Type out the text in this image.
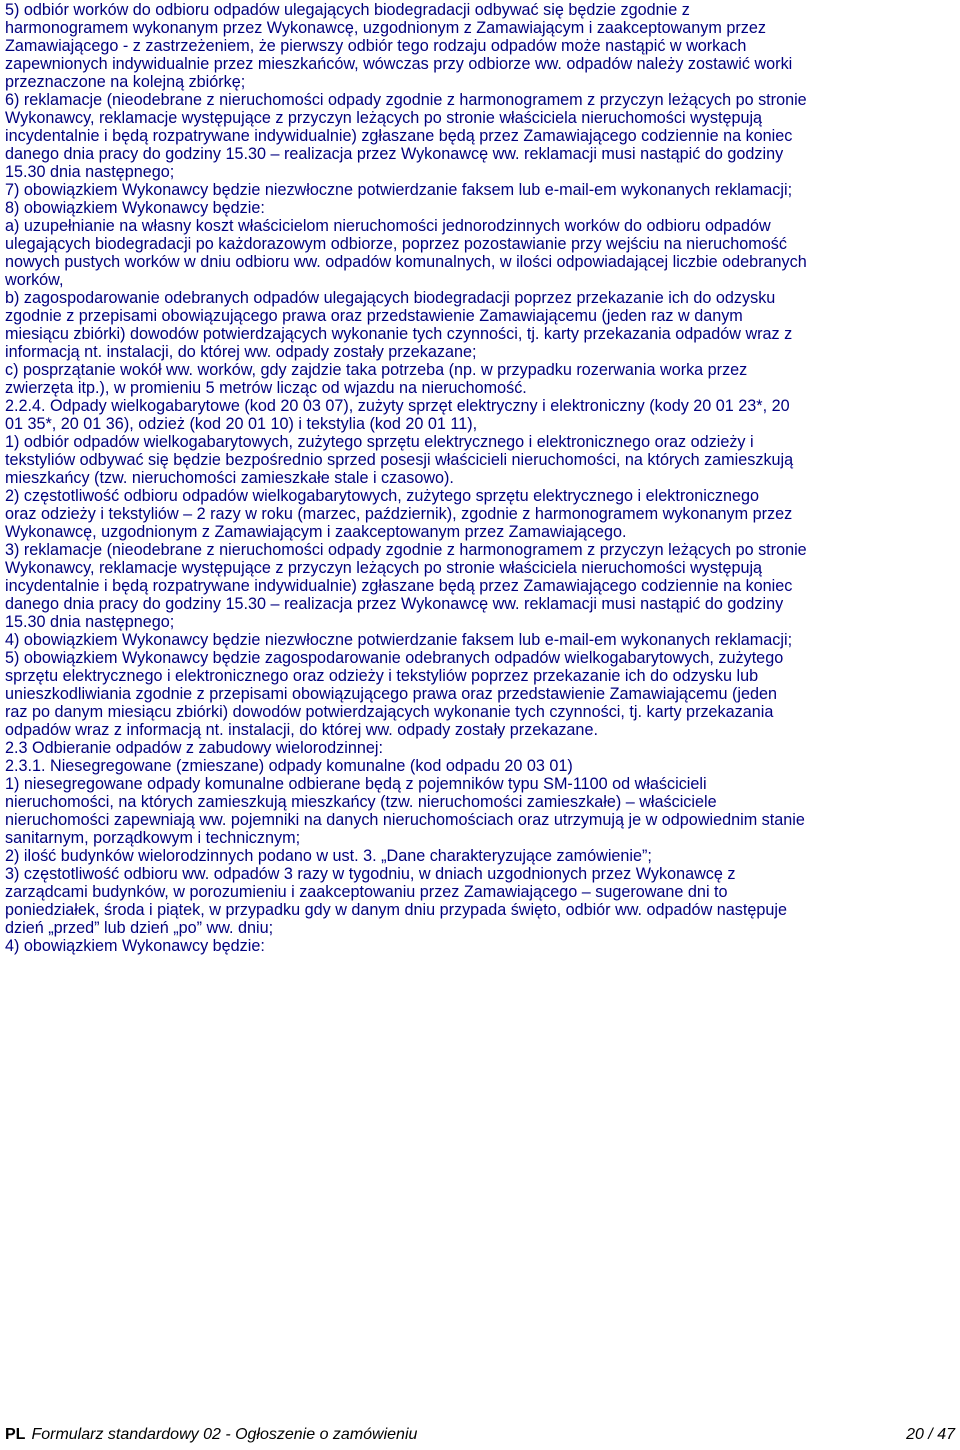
5) odbiór worków do odbioru odpadów ulegających biodegradacji odbywać się będzie zgodnie z

harmonogramem wykonanym przez Wykonawcę, uzgodnionym z Zamawiającym i zaakceptowanym przez

Zamawiającego - z zastrzeżeniem, że pierwszy odbiór tego rodzaju odpadów może nastąpić w workach

zapewnionych indywidualnie przez mieszkańców, wówczas przy odbiorze ww. odpadów należy zostawić worki

przeznaczone na kolejną zbiórkę;

6) reklamacje (nieodebrane z nieruchomości odpady zgodnie z harmonogramem z przyczyn leżących po stronie

Wykonawcy, reklamacje występujące z przyczyn leżących po stronie właściciela nieruchomości występują

incydentalnie i będą rozpatrywane indywidualnie) zgłaszane będą przez Zamawiającego codziennie na koniec

danego dnia pracy do godziny 15.30 – realizacja przez Wykonawcę ww. reklamacji musi nastąpić do godziny

15.30 dnia następnego;

7) obowiązkiem Wykonawcy będzie niezwłoczne potwierdzanie faksem lub e-mail-em wykonanych reklamacji;

8) obowiązkiem Wykonawcy będzie:

a) uzupełnianie na własny koszt właścicielom nieruchomości jednorodzinnych worków do odbioru odpadów

ulegających biodegradacji po każdorazowym odbiorze, poprzez pozostawianie przy wejściu na nieruchomość

nowych pustych worków w dniu odbioru ww. odpadów komunalnych, w ilości odpowiadającej liczbie odebranych

worków,

b) zagospodarowanie odebranych odpadów ulegających biodegradacji poprzez przekazanie ich do odzysku

zgodnie z przepisami obowiązującego prawa oraz przedstawienie Zamawiającemu (jeden raz w danym

miesiącu zbiórki) dowodów potwierdzających wykonanie tych czynności, tj. karty przekazania odpadów wraz z

informacją nt. instalacji, do której ww. odpady zostały przekazane;

c) posprzątanie wokół ww. worków, gdy zajdzie taka potrzeba (np. w przypadku rozerwania worka przez

zwierzęta itp.), w promieniu 5 metrów licząc od wjazdu na nieruchomość.

2.2.4. Odpady wielkogabarytowe (kod 20 03 07), zużyty sprzęt elektryczny i elektroniczny (kody 20 01 23*, 20

01 35*, 20 01 36), odzież (kod 20 01 10) i tekstylia (kod 20 01 11),

1) odbiór odpadów wielkogabarytowych, zużytego sprzętu elektrycznego i elektronicznego oraz odzieży i

tekstyliów odbywać się będzie bezpośrednio sprzed posesji właścicieli nieruchomości, na których zamieszkują

mieszkańcy (tzw. nieruchomości zamieszkałe stale i czasowo).

2) częstotliwość odbioru odpadów wielkogabarytowych, zużytego sprzętu elektrycznego i elektronicznego

oraz odzieży i tekstyliów – 2 razy w roku (marzec, październik), zgodnie z harmonogramem wykonanym przez

Wykonawcę, uzgodnionym z Zamawiającym i zaakceptowanym przez Zamawiającego.

3) reklamacje (nieodebrane z nieruchomości odpady zgodnie z harmonogramem z przyczyn leżących po stronie

Wykonawcy, reklamacje występujące z przyczyn leżących po stronie właściciela nieruchomości występują

incydentalnie i będą rozpatrywane indywidualnie) zgłaszane będą przez Zamawiającego codziennie na koniec

danego dnia pracy do godziny 15.30 – realizacja przez Wykonawcę ww. reklamacji musi nastąpić do godziny

15.30 dnia następnego;

4) obowiązkiem Wykonawcy będzie niezwłoczne potwierdzanie faksem lub e-mail-em wykonanych reklamacji;

5) obowiązkiem Wykonawcy będzie zagospodarowanie odebranych odpadów wielkogabarytowych, zużytego

sprzętu elektrycznego i elektronicznego oraz odzieży i tekstyliów poprzez przekazanie ich do odzysku lub

unieszkodliwiania zgodnie z przepisami obowiązującego prawa oraz przedstawienie Zamawiającemu (jeden

raz po danym miesiącu zbiórki) dowodów potwierdzających wykonanie tych czynności, tj. karty przekazania

odpadów wraz z informacją nt. instalacji, do której ww. odpady zostały przekazane.

2.3 Odbieranie odpadów z zabudowy wielorodzinnej:

2.3.1. Niesegregowane (zmieszane) odpady komunalne (kod odpadu 20 03 01)

1) niesegregowane odpady komunalne odbierane będą z pojemników typu SM-1100 od właścicieli

nieruchomości, na których zamieszkują mieszkańcy (tzw. nieruchomości zamieszkałe) – właściciele

nieruchomości zapewniają ww. pojemniki na danych nieruchomościach oraz utrzymują je w odpowiednim stanie

sanitarnym, porządkowym i technicznym;

2) ilość budynków wielorodzinnych podano w ust. 3. „Dane charakteryzujące zamówienie”;

3) częstotliwość odbioru ww. odpadów 3 razy w tygodniu, w dniach uzgodnionych przez Wykonawcę z

zarządcami budynków, w porozumieniu i zaakceptowaniu przez Zamawiającego – sugerowane dni to

poniedziałek, środa i piątek, w przypadku gdy w danym dniu przypada święto, odbiór ww. odpadów następuje

dzień „przed” lub dzień „po” ww. dniu;

4) obowiązkiem Wykonawcy będzie:

PL Formularz standardowy 02 - Ogłoszenie o zamówieniu	20 / 47
